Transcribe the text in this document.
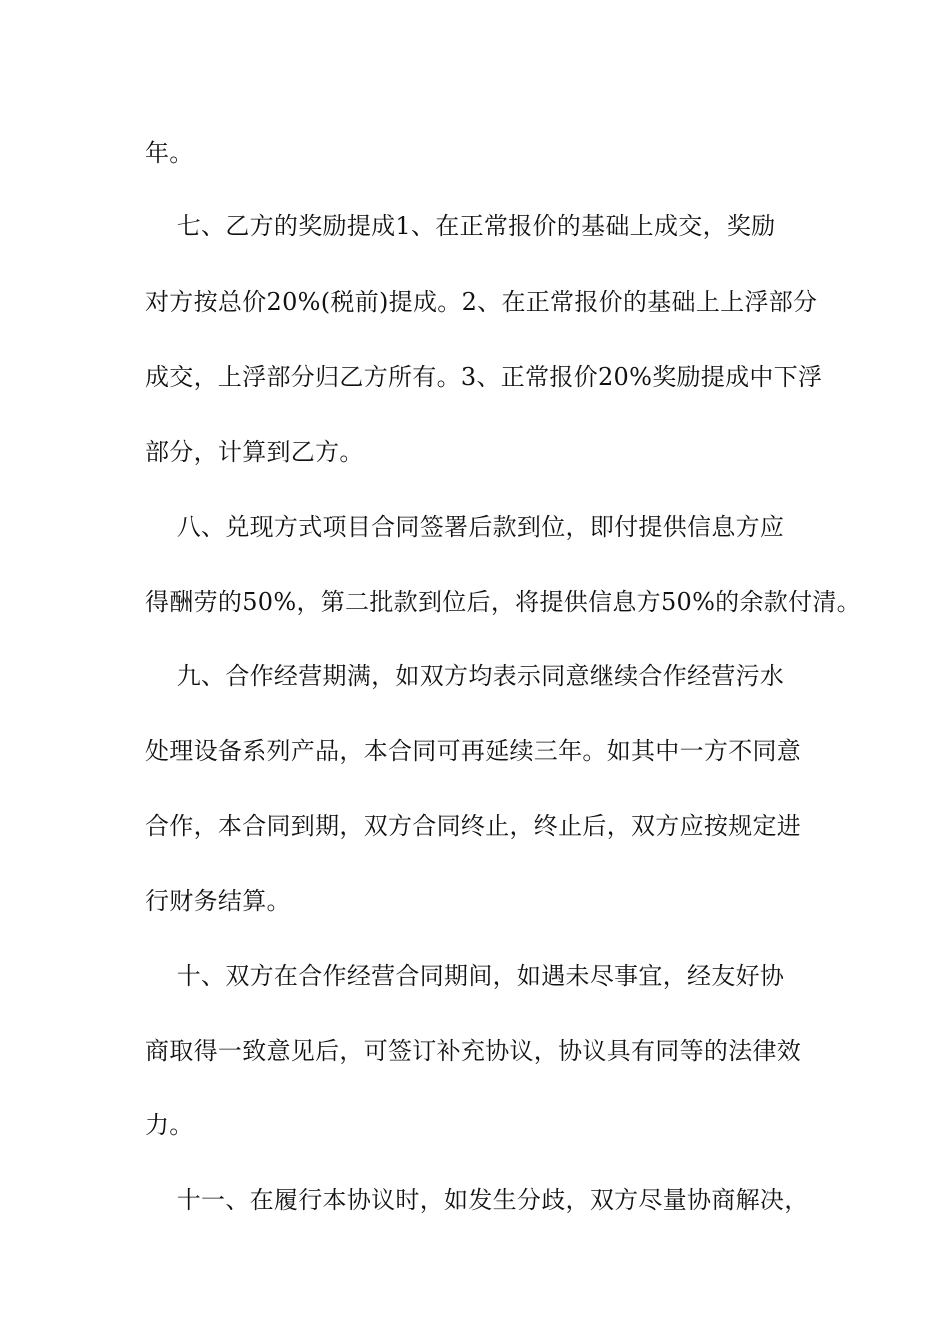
年。
七、乙方的奖励提成1、在正常报价的基础上成交，奖励
对方按总价20%(税前)提成。2、在正常报价的基础上上浮部分
成交，上浮部分归乙方所有。3、正常报价20%奖励提成中下浮
部分，计算到乙方。
八、兑现方式项目合同签署后款到位，即付提供信息方应
得酬劳的50%，第二批款到位后，将提供信息方50%的余款付清。
九、合作经营期满，如双方均表示同意继续合作经营污水
处理设备系列产品，本合同可再延续三年。如其中一方不同意
合作，本合同到期，双方合同终止，终止后，双方应按规定进
行财务结算。
十、双方在合作经营合同期间，如遇未尽事宜，经友好协
商取得一致意见后，可签订补充协议，协议具有同等的法律效
力。
十一、在履行本协议时，如发生分歧，双方尽量协商解决，
